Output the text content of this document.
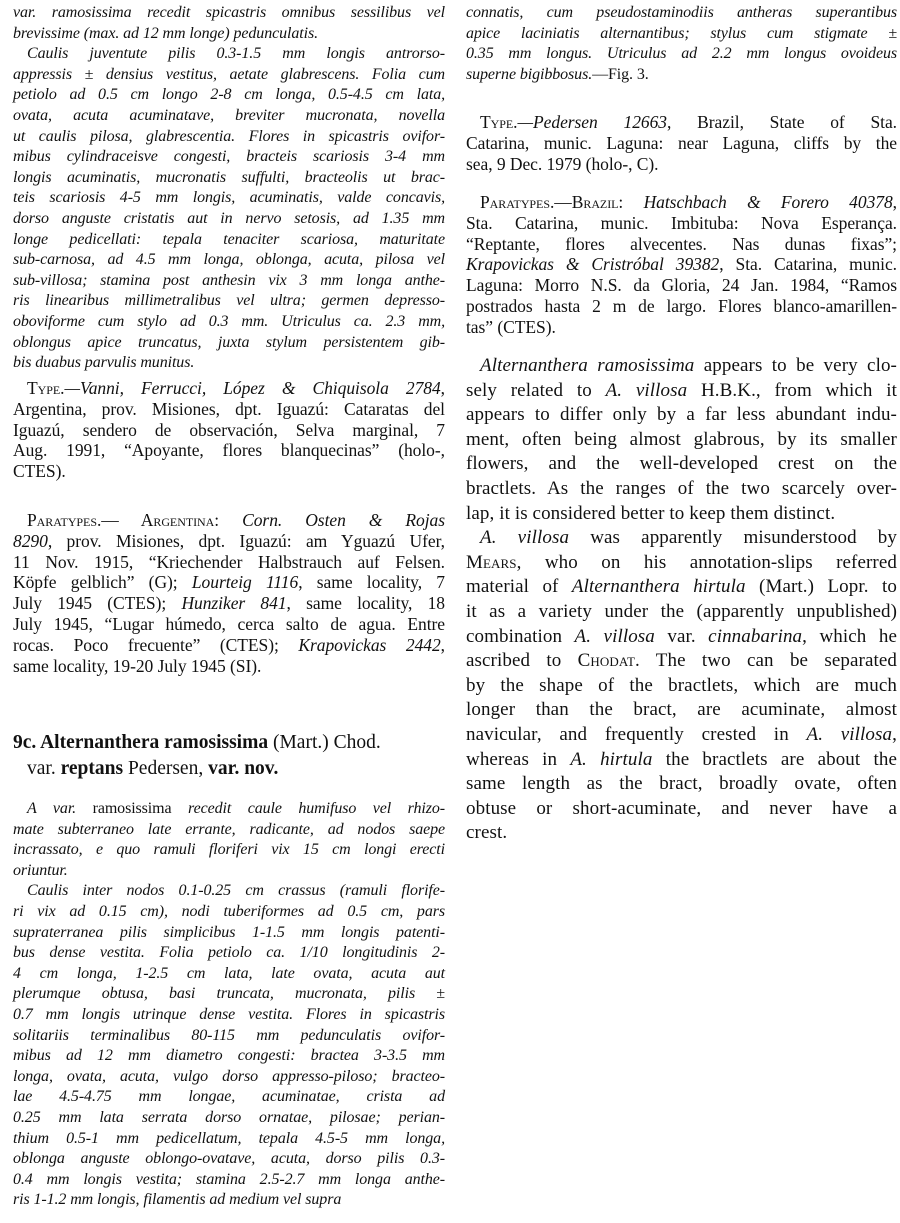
var. ramosissima recedit spicastris omnibus sessilibus vel
brevissime (max. ad 12 mm longe) pedunculatis.
Caulis juventute pilis 0.3-1.5 mm longis antrorso-
appressis ± densius vestitus, aetate glabrescens. Folia cum
petiolo ad 0.5 cm longo 2-8 cm longa, 0.5-4.5 cm lata,
ovata, acuta acuminatave, breviter mucronata, novella
ut caulis pilosa, glabrescentia. Flores in spicastris ovifor-
mibus cylindraceisve congesti, bracteis scariosis 3-4 mm
longis acuminatis, mucronatis suffulti, bracteolis ut brac-
teis scariosis 4-5 mm longis, acuminatis, valde concavis,
dorso anguste cristatis aut in nervo setosis, ad 1.35 mm
longe pedicellati: tepala tenaciter scariosa, maturitate
sub-carnosa, ad 4.5 mm longa, oblonga, acuta, pilosa vel
sub-villosa; stamina post anthesin vix 3 mm longa anthe-
ris linearibus millimetralibus vel ultra; germen depresso-
oboviforme cum stylo ad 0.3 mm. Utriculus ca. 2.3 mm,
oblongus apice truncatus, juxta stylum persistentem gib-
bis duabus parvulis munitus.
Type.—Vanni, Ferrucci, López & Chiquisola 2784,
Argentina, prov. Misiones, dpt. Iguazú: Cataratas del
Iguazú, sendero de observación, Selva marginal, 7
Aug. 1991, “Apoyante, flores blanquecinas” (holo-,
CTES).
Paratypes.— Argentina: Corn. Osten & Rojas
8290, prov. Misiones, dpt. Iguazú: am Yguazú Ufer,
11 Nov. 1915, “Kriechender Halbstrauch auf Felsen.
Köpfe gelblich” (G); Lourteig 1116, same locality, 7
July 1945 (CTES); Hunziker 841, same locality, 18
July 1945, “Lugar húmedo, cerca salto de agua. Entre
rocas. Poco frecuente” (CTES); Krapovickas 2442,
same locality, 19-20 July 1945 (SI).
9c. Alternanthera ramosissima (Mart.) Chod.
var. reptans Pedersen, var. nov.
A var. ramosissima recedit caule humifuso vel rhizo-
mate subterraneo late errante, radicante, ad nodos saepe
incrassato, e quo ramuli floriferi vix 15 cm longi erecti
oriuntur.
Caulis inter nodos 0.1-0.25 cm crassus (ramuli florife-
ri vix ad 0.15 cm), nodi tuberiformes ad 0.5 cm, pars
supraterranea pilis simplicibus 1-1.5 mm longis patenti-
bus dense vestita. Folia petiolo ca. 1/10 longitudinis 2-
4 cm longa, 1-2.5 cm lata, late ovata, acuta aut
plerumque obtusa, basi truncata, mucronata, pilis ±
0.7 mm longis utrinque dense vestita. Flores in spicastris
solitariis terminalibus 80-115 mm pedunculatis ovifor-
mibus ad 12 mm diametro congesti: bractea 3-3.5 mm
longa, ovata, acuta, vulgo dorso appresso-piloso; bracteo-
lae 4.5-4.75 mm longae, acuminatae, crista ad
0.25 mm lata serrata dorso ornatae, pilosae; perian-
thium 0.5-1 mm pedicellatum, tepala 4.5-5 mm longa,
oblonga anguste oblongo-ovatave, acuta, dorso pilis 0.3-
0.4 mm longis vestita; stamina 2.5-2.7 mm longa anthe-
ris 1-1.2 mm longis, filamentis ad medium vel supra
connatis, cum pseudostaminodiis antheras superantibus
apice laciniatis alternantibus; stylus cum stigmate ±
0.35 mm longus. Utriculus ad 2.2 mm longus ovoideus
superne bigibbosus.—Fig. 3.
Type.—Pedersen 12663, Brazil, State of Sta.
Catarina, munic. Laguna: near Laguna, cliffs by the
sea, 9 Dec. 1979 (holo-, C).
Paratypes.—Brazil: Hatschbach & Forero 40378,
Sta. Catarina, munic. Imbituba: Nova Esperança.
“Reptante, flores alvecentes. Nas dunas fixas”;
Krapovickas & Cristróbal 39382, Sta. Catarina, munic.
Laguna: Morro N.S. da Gloria, 24 Jan. 1984, “Ramos
postrados hasta 2 m de largo. Flores blanco-amarillen-
tas” (CTES).
Alternanthera ramosissima appears to be very clo-
sely related to A. villosa H.B.K., from which it
appears to differ only by a far less abundant indu-
ment, often being almost glabrous, by its smaller
flowers, and the well-developed crest on the
bractlets. As the ranges of the two scarcely over-
lap, it is considered better to keep them distinct.
A. villosa was apparently misunderstood by
Mears, who on his annotation-slips referred
material of Alternanthera hirtula (Mart.) Lopr. to
it as a variety under the (apparently unpublished)
combination A. villosa var. cinnabarina, which he
ascribed to Chodat. The two can be separated
by the shape of the bractlets, which are much
longer than the bract, are acuminate, almost
navicular, and frequently crested in A. villosa,
whereas in A. hirtula the bractlets are about the
same length as the bract, broadly ovate, often
obtuse or short-acuminate, and never have a
crest.
